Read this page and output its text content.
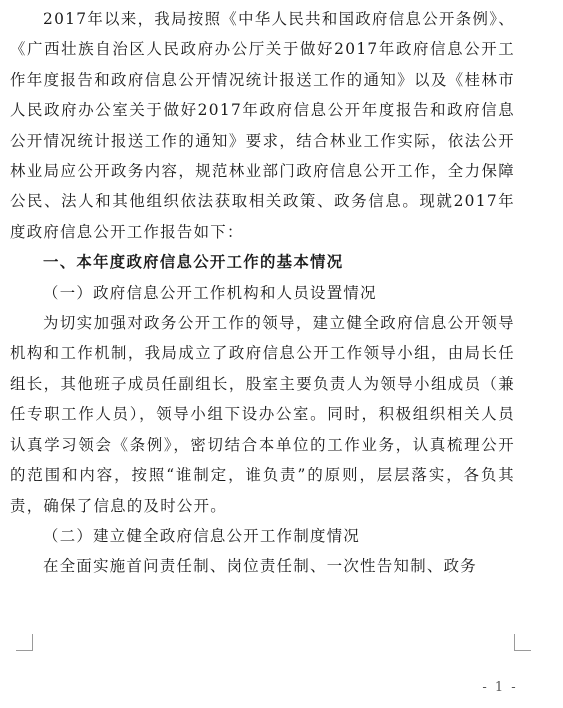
2017年以来，我局按照《中华人民共和国政府信息公开条例》、《广西壮族自治区人民政府办公厅关于做好2017年政府信息公开工作年度报告和政府信息公开情况统计报送工作的通知》以及《桂林市人民政府办公室关于做好2017年政府信息公开年度报告和政府信息公开情况统计报送工作的通知》要求，结合林业工作实际，依法公开林业局应公开政务内容，规范林业部门政府信息公开工作，全力保障公民、法人和其他组织依法获取相关政策、政务信息。现就2017年度政府信息公开工作报告如下：

一、本年度政府信息公开工作的基本情况

（一）政府信息公开工作机构和人员设置情况

为切实加强对政务公开工作的领导，建立健全政府信息公开领导机构和工作机制，我局成立了政府信息公开工作领导小组，由局长任组长，其他班子成员任副组长，股室主要负责人为领导小组成员（兼任专职工作人员），领导小组下设办公室。同时，积极组织相关人员认真学习领会《条例》，密切结合本单位的工作业务，认真梳理公开的范围和内容，按照“谁制定，谁负责”的原则，层层落实，各负其责，确保了信息的及时公开。

（二）建立健全政府信息公开工作制度情况

在全面实施首问责任制、岗位责任制、一次性告知制、政务

- 1 -
